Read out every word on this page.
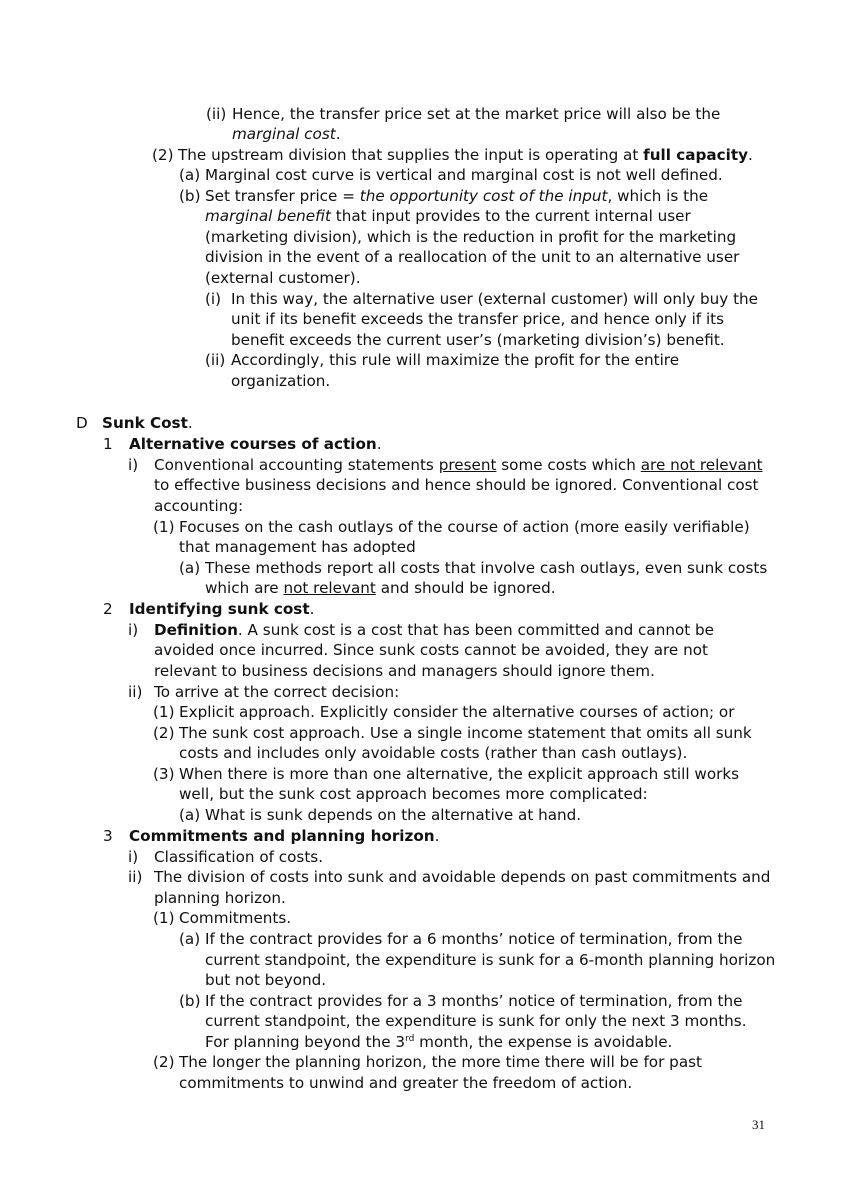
(ii) Hence, the transfer price set at the market price will also be the
marginal cost.
(2) The upstream division that supplies the input is operating at full capacity.
(a) Marginal cost curve is vertical and marginal cost is not well defined.
(b) Set transfer price = the opportunity cost of the input, which is the
marginal benefit that input provides to the current internal user
(marketing division), which is the reduction in profit for the marketing
division in the event of a reallocation of the unit to an alternative user
(external customer).
(i) In this way, the alternative user (external customer) will only buy the
unit if its benefit exceeds the transfer price, and hence only if its
benefit exceeds the current user’s (marketing division’s) benefit.
(ii) Accordingly, this rule will maximize the profit for the entire
organization.
D Sunk Cost.
1 Alternative courses of action.
i) Conventional accounting statements present some costs which are not relevant
to effective business decisions and hence should be ignored. Conventional cost
accounting:
(1) Focuses on the cash outlays of the course of action (more easily verifiable)
that management has adopted
(a) These methods report all costs that involve cash outlays, even sunk costs
which are not relevant and should be ignored.
2 Identifying sunk cost.
i) Definition. A sunk cost is a cost that has been committed and cannot be
avoided once incurred. Since sunk costs cannot be avoided, they are not
relevant to business decisions and managers should ignore them.
ii) To arrive at the correct decision:
(1) Explicit approach. Explicitly consider the alternative courses of action; or
(2) The sunk cost approach. Use a single income statement that omits all sunk
costs and includes only avoidable costs (rather than cash outlays).
(3) When there is more than one alternative, the explicit approach still works
well, but the sunk cost approach becomes more complicated:
(a) What is sunk depends on the alternative at hand.
3 Commitments and planning horizon.
i) Classification of costs.
ii) The division of costs into sunk and avoidable depends on past commitments and
planning horizon.
(1) Commitments.
(a) If the contract provides for a 6 months’ notice of termination, from the
current standpoint, the expenditure is sunk for a 6-month planning horizon
but not beyond.
(b) If the contract provides for a 3 months’ notice of termination, from the
current standpoint, the expenditure is sunk for only the next 3 months.
For planning beyond the 3rd month, the expense is avoidable.
(2) The longer the planning horizon, the more time there will be for past
commitments to unwind and greater the freedom of action.
31
